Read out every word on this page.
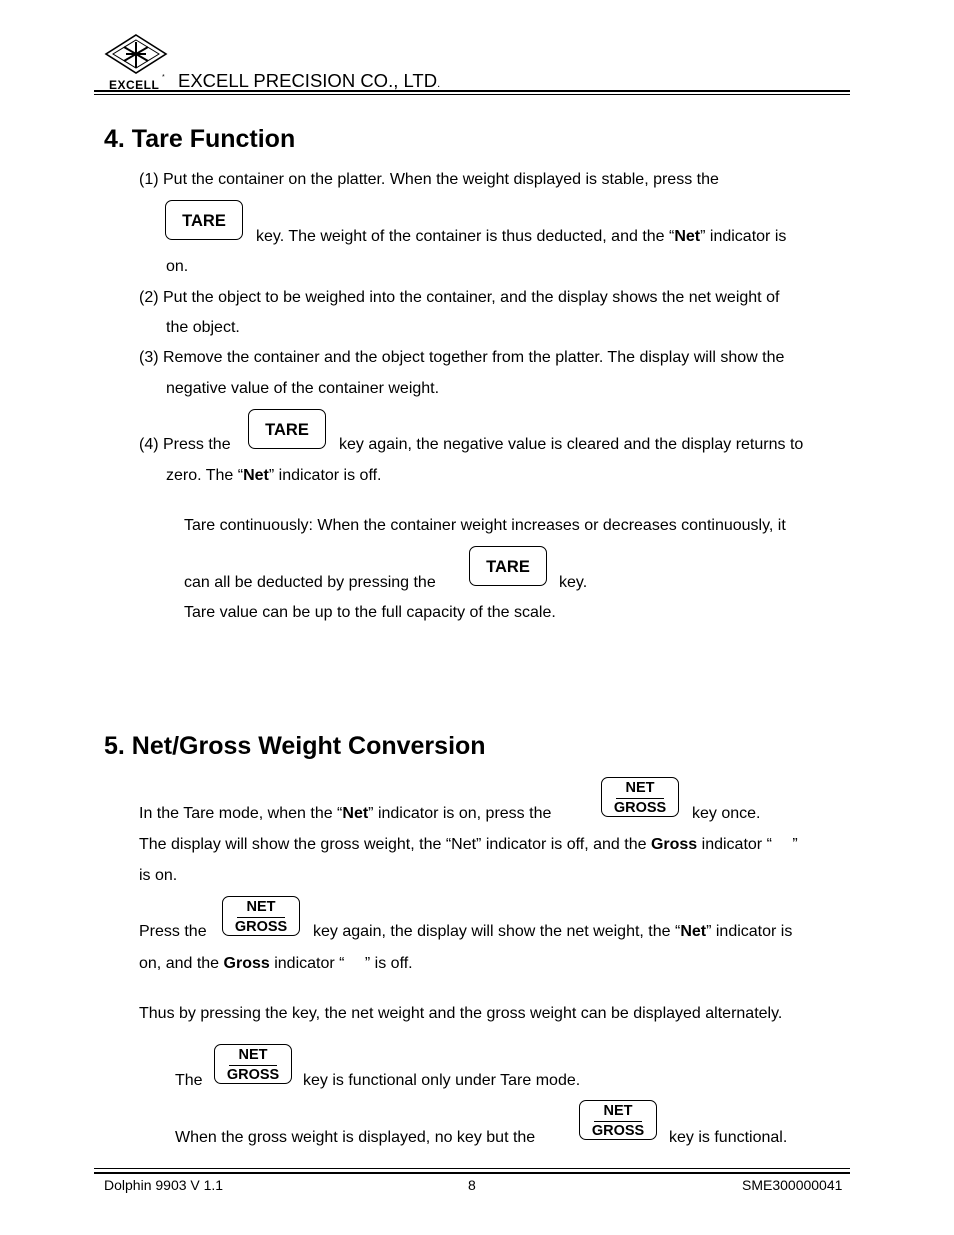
EXCELL
* EXCELL PRECISION CO., LTD.
4. Tare Function
(1) Put the container on the platter. When the weight displayed is stable, press the
TARE
key. The weight of the container is thus deducted, and the “Net” indicator is
on.
(2) Put the object to be weighed into the container, and the display shows the net weight of
the object.
(3) Remove the container and the object together from the platter. The display will show the
negative value of the container weight.
(4) Press the
TARE
key again, the negative value is cleared and the display returns to
zero. The “Net” indicator is off.
Tare continuously: When the container weight increases or decreases continuously, it
can all be deducted by pressing the
TARE
key.
Tare value can be up to the full capacity of the scale.
5. Net/Gross Weight Conversion
In the Tare mode, when the “Net” indicator is on, press the
NET
GROSS	key once.
The display will show the gross weight, the “Net” indicator is off, and the Gross indicator “  ”
is on.
Press the
NET
GROSS	key again, the display will show the net weight, the “Net” indicator is
on, and the Gross indicator “  ” is off.
Thus by pressing the key, the net weight and the gross weight can be displayed alternately.
The
NET
GROSS	key is functional only under Tare mode.
When the gross weight is displayed, no key but the
NET
GROSS	key is functional.
Dolphin 9903 V 1.1	8	SME300000041
